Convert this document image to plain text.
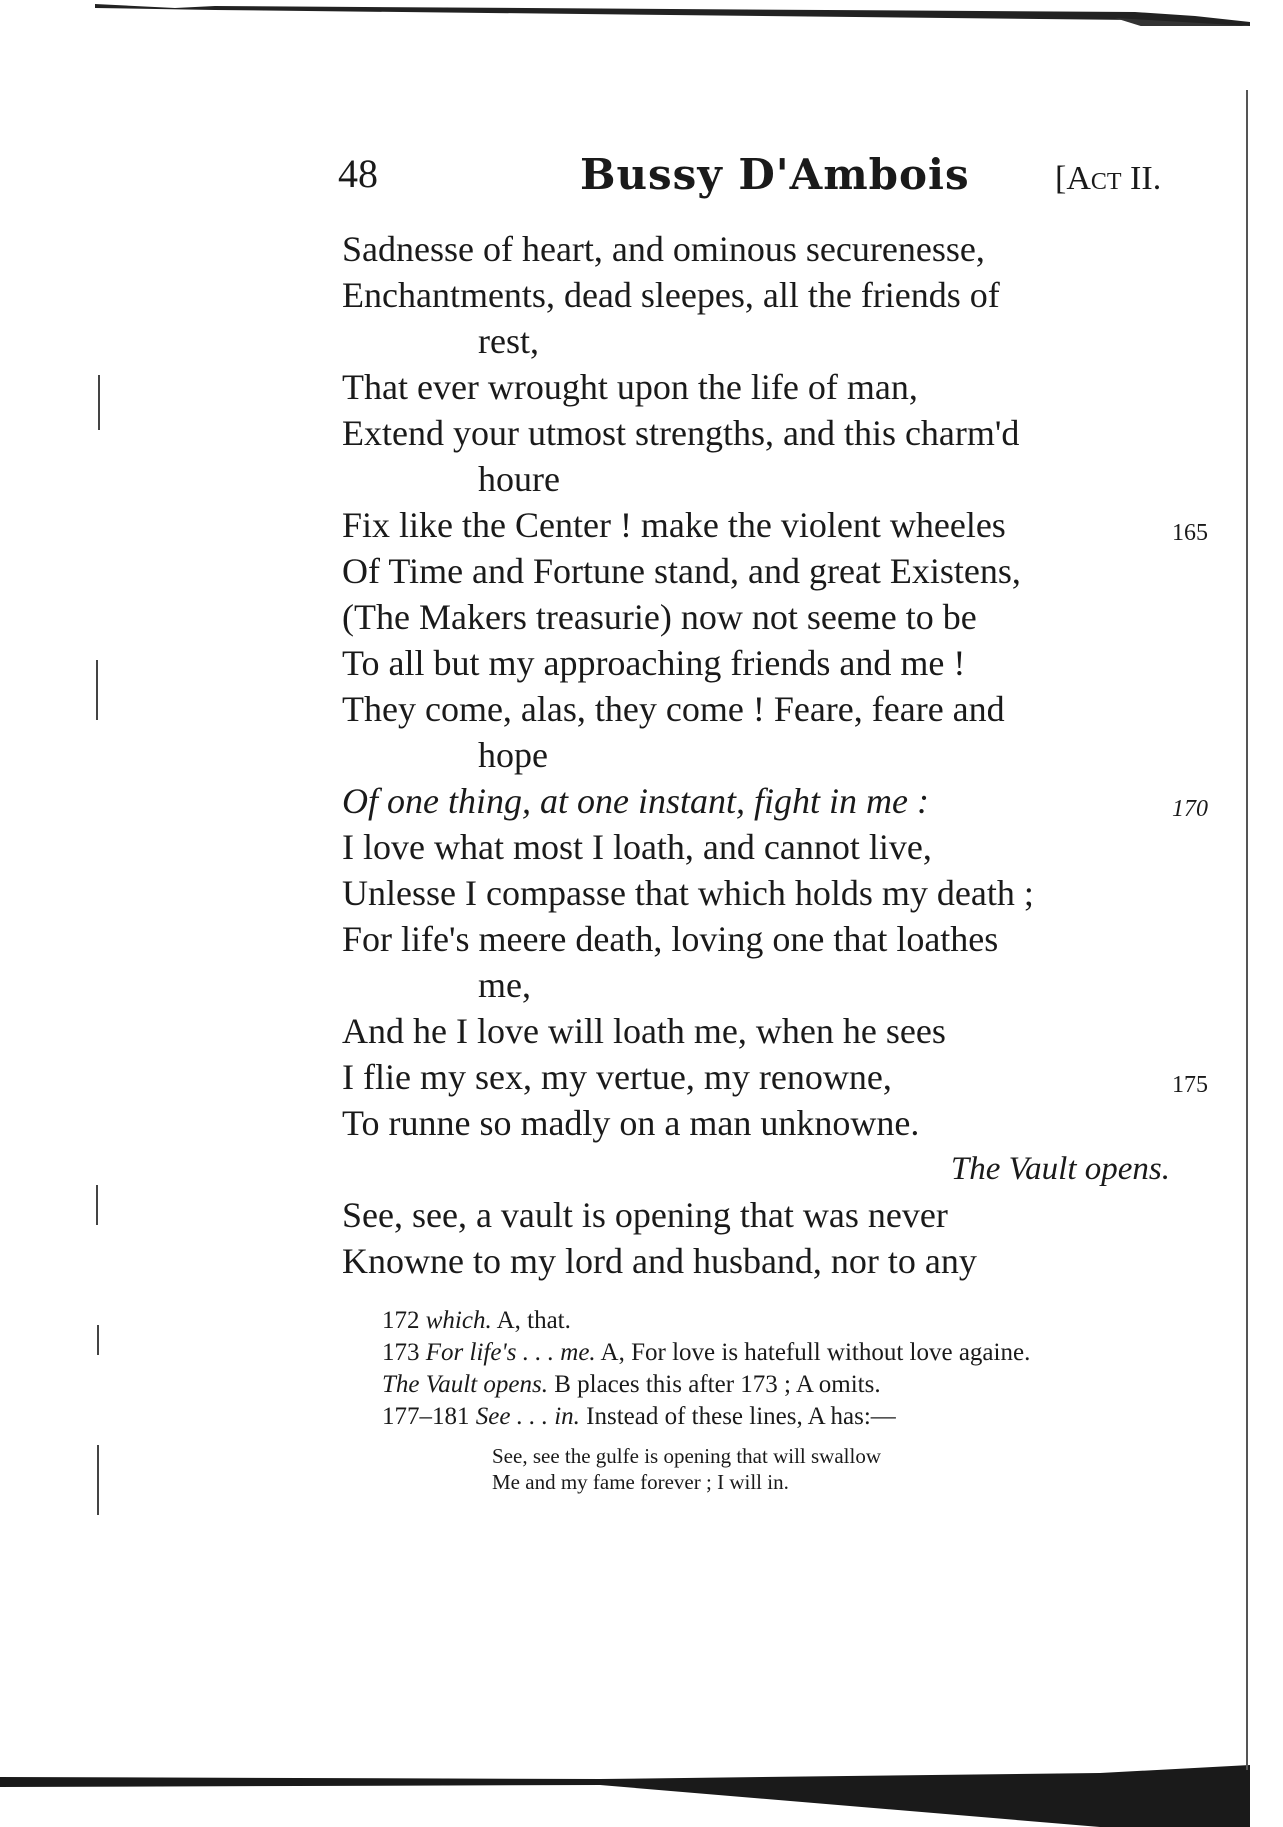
48	Bussy D'Ambois	[Act II.
Sadnesse of heart, and ominous securenesse,
Enchantments, dead sleepes, all the friends of
rest,
That ever wrought upon the life of man,
Extend your utmost strengths, and this charm'd
houre
Fix like the Center ! make the violent wheeles	165
Of Time and Fortune stand, and great Existens,
(The Makers treasurie) now not seeme to be
To all but my approaching friends and me !
They come, alas, they come ! Feare, feare and
hope
Of one thing, at one instant, fight in me :	170
I love what most I loath, and cannot live,
Unlesse I compasse that which holds my death ;
For life's meere death, loving one that loathes
me,
And he I love will loath me, when he sees
I flie my sex, my vertue, my renowne,	175
To runne so madly on a man unknowne.
The Vault opens.
See, see, a vault is opening that was never
Knowne to my lord and husband, nor to any
172 which. A, that.
173 For life's . . . me. A, For love is hatefull without love againe.
The Vault opens. B places this after 173 ; A omits.
177–181 See . . . in. Instead of these lines, A has:—
See, see the gulfe is opening that will swallow
Me and my fame forever ; I will in.
